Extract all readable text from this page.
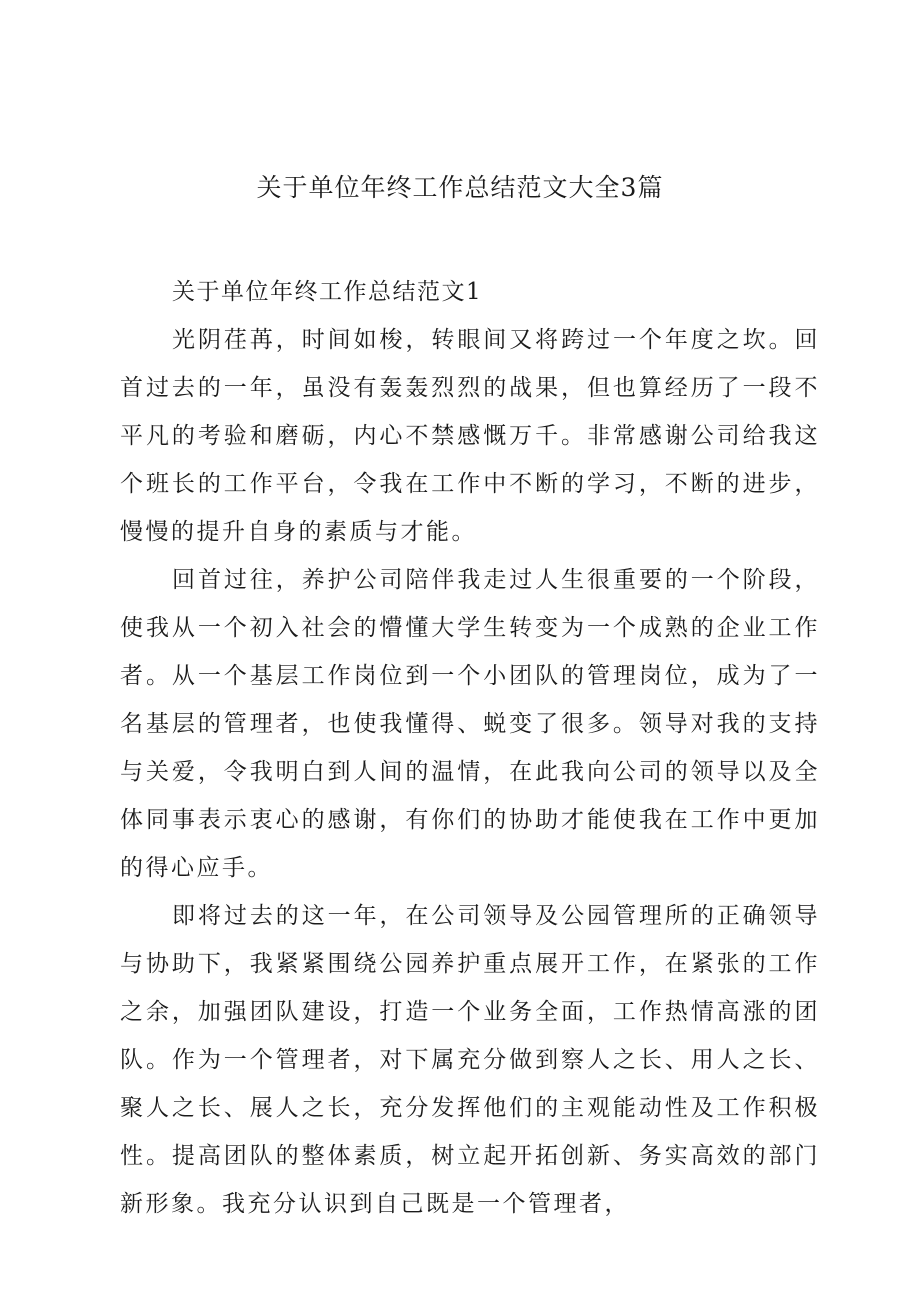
关于单位年终工作总结范文大全3篇

关于单位年终工作总结范文1

光阴荏苒，时间如梭，转眼间又将跨过一个年度之坎。回首过去的一年，虽没有轰轰烈烈的战果，但也算经历了一段不平凡的考验和磨砺，内心不禁感慨万千。非常感谢公司给我这个班长的工作平台，令我在工作中不断的学习，不断的进步，慢慢的提升自身的素质与才能。

回首过往，养护公司陪伴我走过人生很重要的一个阶段，使我从一个初入社会的懵懂大学生转变为一个成熟的企业工作者。从一个基层工作岗位到一个小团队的管理岗位，成为了一名基层的管理者，也使我懂得、蜕变了很多。领导对我的支持与关爱，令我明白到人间的温情，在此我向公司的领导以及全体同事表示衷心的感谢，有你们的协助才能使我在工作中更加的得心应手。

即将过去的这一年，在公司领导及公园管理所的正确领导与协助下，我紧紧围绕公园养护重点展开工作，在紧张的工作之余，加强团队建设，打造一个业务全面，工作热情高涨的团队。作为一个管理者，对下属充分做到察人之长、用人之长、聚人之长、展人之长，充分发挥他们的主观能动性及工作积极性。提高团队的整体素质，树立起开拓创新、务实高效的部门新形象。我充分认识到自己既是一个管理者，
